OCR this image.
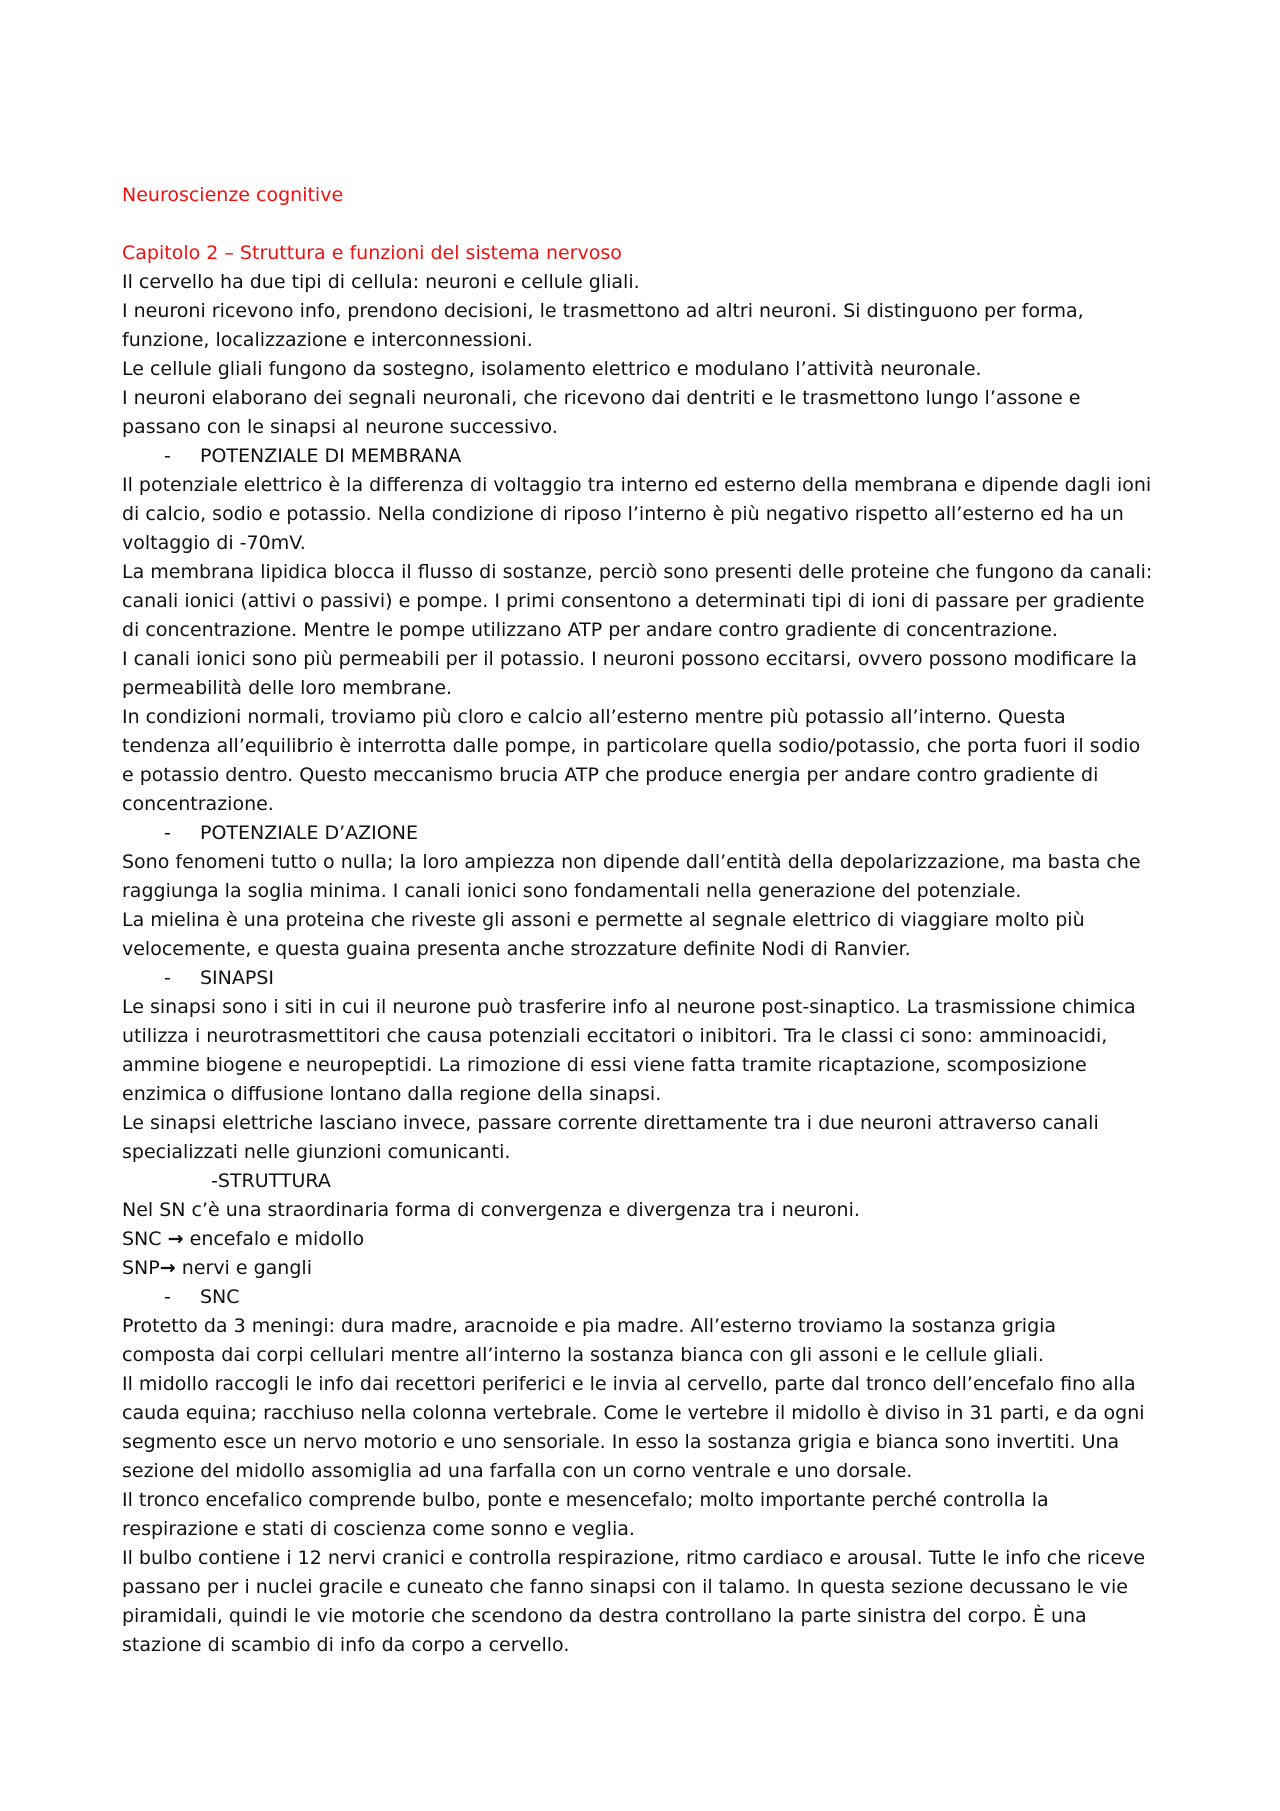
Neuroscienze cognitive
Capitolo 2 – Struttura e funzioni del sistema nervoso
Il cervello ha due tipi di cellula: neuroni e cellule gliali.
I neuroni ricevono info, prendono decisioni, le trasmettono ad altri neuroni. Si distinguono per forma,
funzione, localizzazione e interconnessioni.
Le cellule gliali fungono da sostegno, isolamento elettrico e modulano l’attività neuronale.
I neuroni elaborano dei segnali neuronali, che ricevono dai dentriti e le trasmettono lungo l’assone e
passano con le sinapsi al neurone successivo.
- POTENZIALE DI MEMBRANA
Il potenziale elettrico è la differenza di voltaggio tra interno ed esterno della membrana e dipende dagli ioni
di calcio, sodio e potassio. Nella condizione di riposo l’interno è più negativo rispetto all’esterno ed ha un
voltaggio di -70mV.
La membrana lipidica blocca il flusso di sostanze, perciò sono presenti delle proteine che fungono da canali:
canali ionici (attivi o passivi) e pompe. I primi consentono a determinati tipi di ioni di passare per gradiente
di concentrazione. Mentre le pompe utilizzano ATP per andare contro gradiente di concentrazione.
I canali ionici sono più permeabili per il potassio. I neuroni possono eccitarsi, ovvero possono modificare la
permeabilità delle loro membrane.
In condizioni normali, troviamo più cloro e calcio all’esterno mentre più potassio all’interno. Questa
tendenza all’equilibrio è interrotta dalle pompe, in particolare quella sodio/potassio, che porta fuori il sodio
e potassio dentro. Questo meccanismo brucia ATP che produce energia per andare contro gradiente di
concentrazione.
- POTENZIALE D’AZIONE
Sono fenomeni tutto o nulla; la loro ampiezza non dipende dall’entità della depolarizzazione, ma basta che
raggiunga la soglia minima. I canali ionici sono fondamentali nella generazione del potenziale.
La mielina è una proteina che riveste gli assoni e permette al segnale elettrico di viaggiare molto più
velocemente, e questa guaina presenta anche strozzature definite Nodi di Ranvier.
- SINAPSI
Le sinapsi sono i siti in cui il neurone può trasferire info al neurone post-sinaptico. La trasmissione chimica
utilizza i neurotrasmettitori che causa potenziali eccitatori o inibitori. Tra le classi ci sono: amminoacidi,
ammine biogene e neuropeptidi. La rimozione di essi viene fatta tramite ricaptazione, scomposizione
enzimica o diffusione lontano dalla regione della sinapsi.
Le sinapsi elettriche lasciano invece, passare corrente direttamente tra i due neuroni attraverso canali
specializzati nelle giunzioni comunicanti.
-STRUTTURA
Nel SN c’è una straordinaria forma di convergenza e divergenza tra i neuroni.
SNC → encefalo e midollo
SNP→ nervi e gangli
- SNC
Protetto da 3 meningi: dura madre, aracnoide e pia madre. All’esterno troviamo la sostanza grigia
composta dai corpi cellulari mentre all’interno la sostanza bianca con gli assoni e le cellule gliali.
Il midollo raccogli le info dai recettori periferici e le invia al cervello, parte dal tronco dell’encefalo fino alla
cauda equina; racchiuso nella colonna vertebrale. Come le vertebre il midollo è diviso in 31 parti, e da ogni
segmento esce un nervo motorio e uno sensoriale. In esso la sostanza grigia e bianca sono invertiti. Una
sezione del midollo assomiglia ad una farfalla con un corno ventrale e uno dorsale.
Il tronco encefalico comprende bulbo, ponte e mesencefalo; molto importante perché controlla la
respirazione e stati di coscienza come sonno e veglia.
Il bulbo contiene i 12 nervi cranici e controlla respirazione, ritmo cardiaco e arousal. Tutte le info che riceve
passano per i nuclei gracile e cuneato che fanno sinapsi con il talamo. In questa sezione decussano le vie
piramidali, quindi le vie motorie che scendono da destra controllano la parte sinistra del corpo. È una
stazione di scambio di info da corpo a cervello.
